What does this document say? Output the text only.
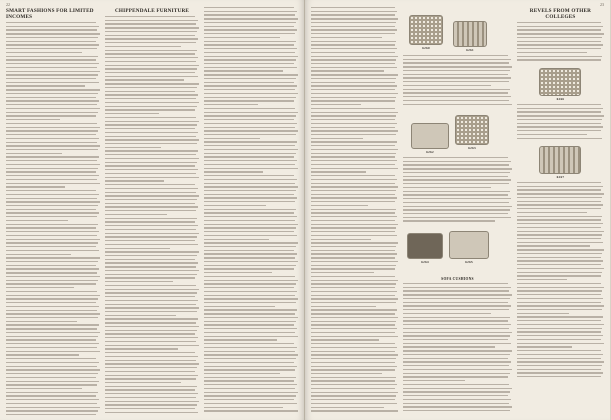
22
SMART FASHIONS FOR LIMITED INCOMES
CHIPPENDALE FURNITURE
23
6260	6261
6262
6263
6264	6265
SOFA CUSHIONS
REVELS FROM OTHER COLLEGES
6266
6267
